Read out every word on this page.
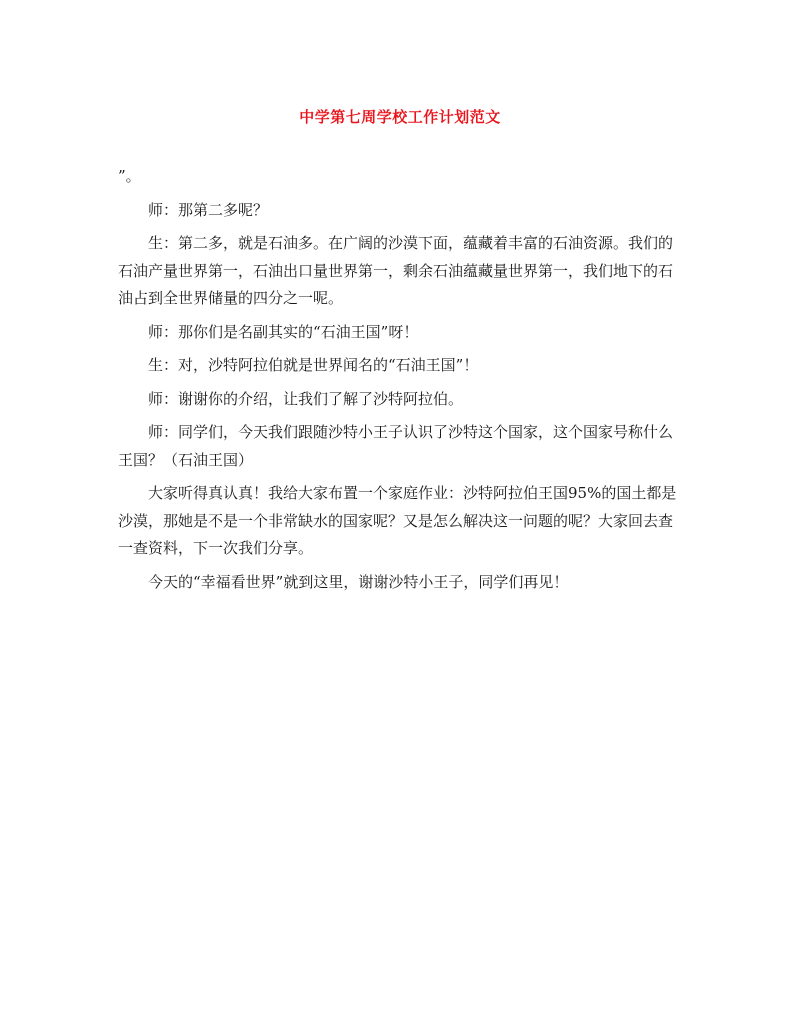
中学第七周学校工作计划范文

”。

师：那第二多呢？

生：第二多，就是石油多。在广阔的沙漠下面，蕴藏着丰富的石油资源。我们的石油产量世界第一，石油出口量世界第一，剩余石油蕴藏量世界第一，我们地下的石油占到全世界储量的四分之一呢。

师：那你们是名副其实的“石油王国”呀！

生：对，沙特阿拉伯就是世界闻名的“石油王国”！

师：谢谢你的介绍，让我们了解了沙特阿拉伯。

师：同学们，今天我们跟随沙特小王子认识了沙特这个国家，这个国家号称什么王国？（石油王国）

大家听得真认真！我给大家布置一个家庭作业：沙特阿拉伯王国95%的国土都是沙漠，那她是不是一个非常缺水的国家呢？又是怎么解决这一问题的呢？大家回去查一查资料，下一次我们分享。

今天的“幸福看世界”就到这里，谢谢沙特小王子，同学们再见！
